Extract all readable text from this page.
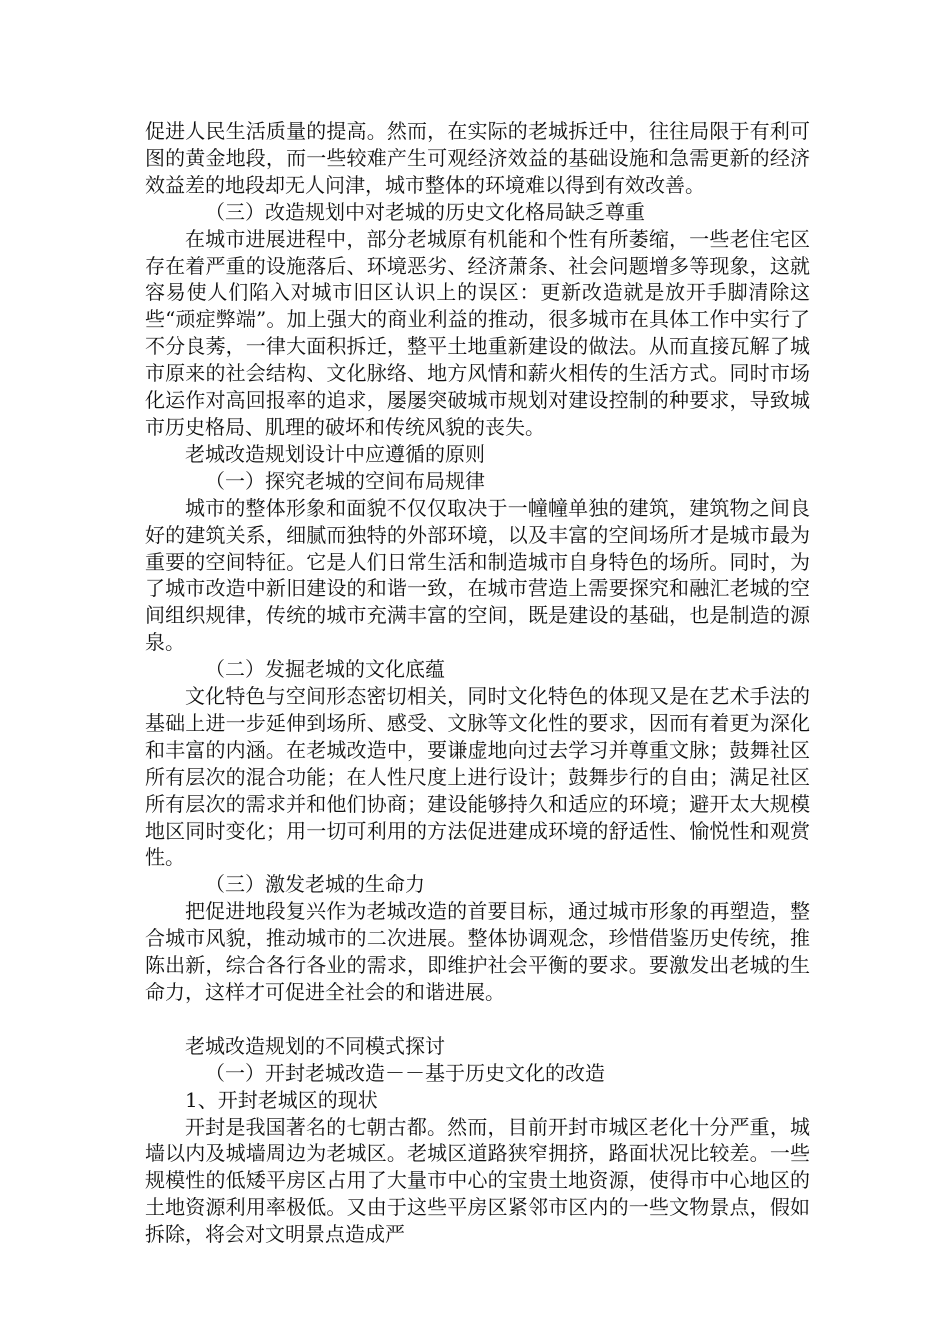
促进人民生活质量的提高。然而，在实际的老城拆迁中，往往局限于有利可图的黄金地段，而一些较难产生可观经济效益的基础设施和急需更新的经济效益差的地段却无人问津，城市整体的环境难以得到有效改善。

（三）改造规划中对老城的历史文化格局缺乏尊重

在城市进展进程中，部分老城原有机能和个性有所萎缩，一些老住宅区存在着严重的设施落后、环境恶劣、经济萧条、社会问题增多等现象，这就容易使人们陷入对城市旧区认识上的误区：更新改造就是放开手脚清除这些“顽症弊端”。加上强大的商业利益的推动，很多城市在具体工作中实行了不分良莠，一律大面积拆迁，整平土地重新建设的做法。从而直接瓦解了城市原来的社会结构、文化脉络、地方风情和薪火相传的生活方式。同时市场化运作对高回报率的追求，屡屡突破城市规划对建设控制的种要求，导致城市历史格局、肌理的破坏和传统风貌的丧失。

老城改造规划设计中应遵循的原则

（一）探究老城的空间布局规律

城市的整体形象和面貌不仅仅取决于一幢幢单独的建筑，建筑物之间良好的建筑关系，细腻而独特的外部环境，以及丰富的空间场所才是城市最为重要的空间特征。它是人们日常生活和制造城市自身特色的场所。同时，为了城市改造中新旧建设的和谐一致，在城市营造上需要探究和融汇老城的空间组织规律，传统的城市充满丰富的空间，既是建设的基础，也是制造的源泉。

（二）发掘老城的文化底蕴

文化特色与空间形态密切相关，同时文化特色的体现又是在艺术手法的基础上进一步延伸到场所、感受、文脉等文化性的要求，因而有着更为深化和丰富的内涵。在老城改造中，要谦虚地向过去学习并尊重文脉；鼓舞社区所有层次的混合功能；在人性尺度上进行设计；鼓舞步行的自由；满足社区所有层次的需求并和他们协商；建设能够持久和适应的环境；避开太大规模地区同时变化；用一切可利用的方法促进建成环境的舒适性、愉悦性和观赏性。

（三）激发老城的生命力

把促进地段复兴作为老城改造的首要目标，通过城市形象的再塑造，整合城市风貌，推动城市的二次进展。整体协调观念，珍惜借鉴历史传统，推陈出新，综合各行各业的需求，即维护社会平衡的要求。要激发出老城的生命力，这样才可促进全社会的和谐进展。

老城改造规划的不同模式探讨

（一）开封老城改造－－基于历史文化的改造

1、开封老城区的现状

开封是我国著名的七朝古都。然而，目前开封市城区老化十分严重，城墙以内及城墙周边为老城区。老城区道路狭窄拥挤，路面状况比较差。一些规模性的低矮平房区占用了大量市中心的宝贵土地资源，使得市中心地区的土地资源利用率极低。又由于这些平房区紧邻市区内的一些文物景点，假如拆除，将会对文明景点造成严
